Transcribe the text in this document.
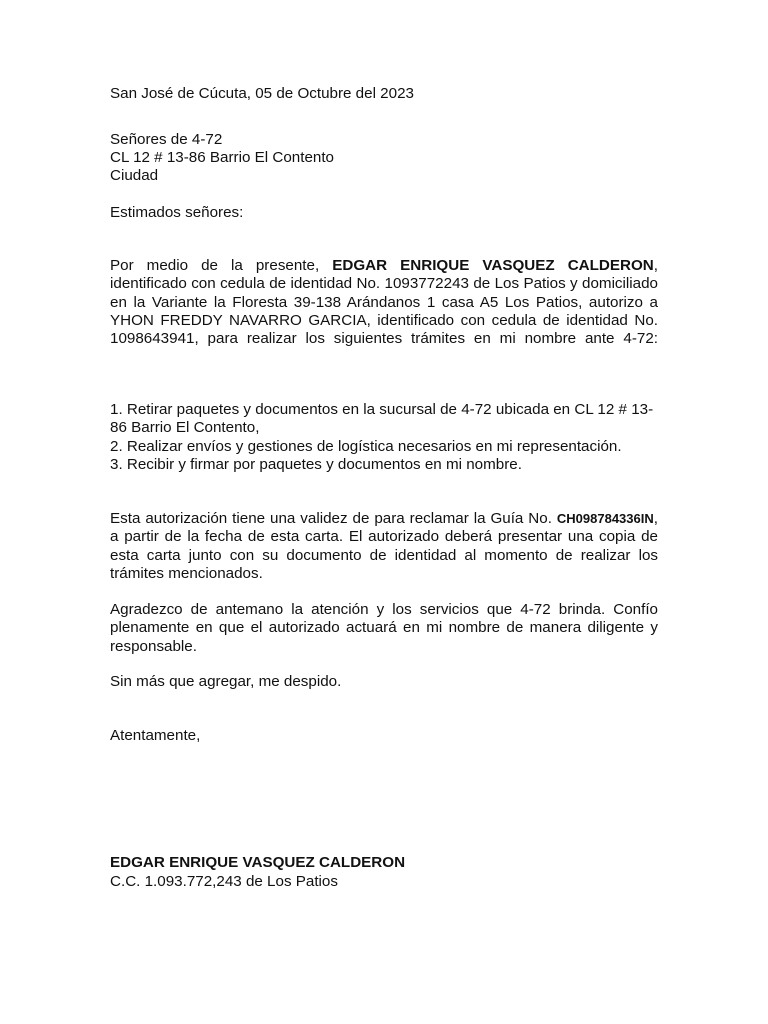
San José de Cúcuta, 05 de Octubre del 2023

Señores de 4-72

CL 12 # 13-86 Barrio El Contento

Ciudad

Estimados señores:

Por medio de la presente, EDGAR ENRIQUE VASQUEZ CALDERON, identificado con cedula de identidad No. 1093772243 de Los Patios y domiciliado en la Variante la Floresta 39-138 Arándanos 1 casa A5 Los Patios, autorizo a YHON FREDDY NAVARRO GARCIA, identificado con cedula de identidad No. 1098643941, para realizar los siguientes trámites en mi nombre ante 4-72:

1. Retirar paquetes y documentos en la sucursal de 4-72 ubicada en CL 12 # 13-86 Barrio El Contento,
2. Realizar envíos y gestiones de logística necesarios en mi representación.
3. Recibir y firmar por paquetes y documentos en mi nombre.

Esta autorización tiene una validez de para reclamar la Guía No. CH098784336IN, a partir de la fecha de esta carta. El autorizado deberá presentar una copia de esta carta junto con su documento de identidad al momento de realizar los trámites mencionados.

Agradezco de antemano la atención y los servicios que 4-72 brinda. Confío plenamente en que el autorizado actuará en mi nombre de manera diligente y responsable.

Sin más que agregar, me despido.

Atentamente,

EDGAR ENRIQUE VASQUEZ CALDERON

C.C. 1.093.772,243 de Los Patios
